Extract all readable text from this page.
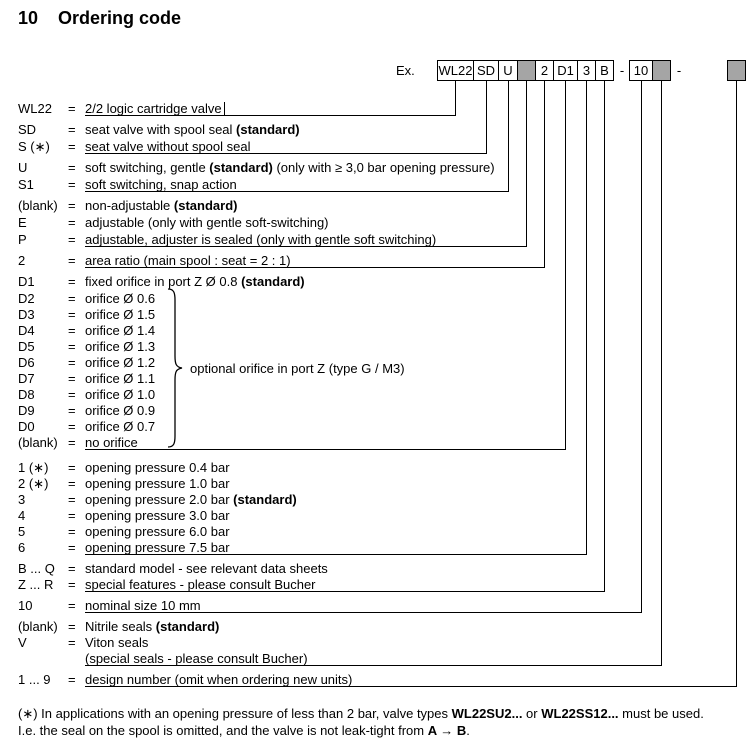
10 Ordering code
Ex. WL22 SD U	2 D1 3 B - 10	-
WL22 = 2/2 logic cartridge valve
SD = seat valve with spool seal (standard)
S (∗) = seat valve without spool seal
U	= soft switching, gentle (standard) (only with ≥ 3,0 bar opening pressure)
S1	= soft switching, snap action
(blank) = non-adjustable (standard)
E	= adjustable (only with gentle soft-switching)
P	= adjustable, adjuster is sealed (only with gentle soft switching)
2	= area ratio (main spool : seat = 2 : 1)
D1	= fixed orifice in port Z Ø 0.8 (standard)
D2	= orifice Ø 0.6
D3	= orifice Ø 1.5
D4	= orifice Ø 1.4
D5	= orifice Ø 1.3
D6	= orifice Ø 1.2
D7	= orifice Ø 1.1
D8	= orifice Ø 1.0
D9	= orifice Ø 0.9
D0	= orifice Ø 0.7
(blank) = no orifice
1 (∗) = opening pressure 0.4 bar
2 (∗) = opening pressure 1.0 bar
3	= opening pressure 2.0 bar (standard)
4	= opening pressure 3.0 bar
5	= opening pressure 6.0 bar
6	= opening pressure 7.5 bar
B ... Q = standard model - see relevant data sheets
Z ... R = special features - please consult Bucher
10	= nominal size 10 mm
(blank) = Nitrile seals (standard)
V	= Viton seals
(special seals - please consult Bucher)
1 ... 9 = design number (omit when ordering new units)
optional orifice in port Z (type G / M3)
(∗) In applications with an opening pressure of less than 2 bar, valve types WL22SU2... or WL22SS12... must be used.
I.e. the seal on the spool is omitted, and the valve is not leak-tight from A → B.
